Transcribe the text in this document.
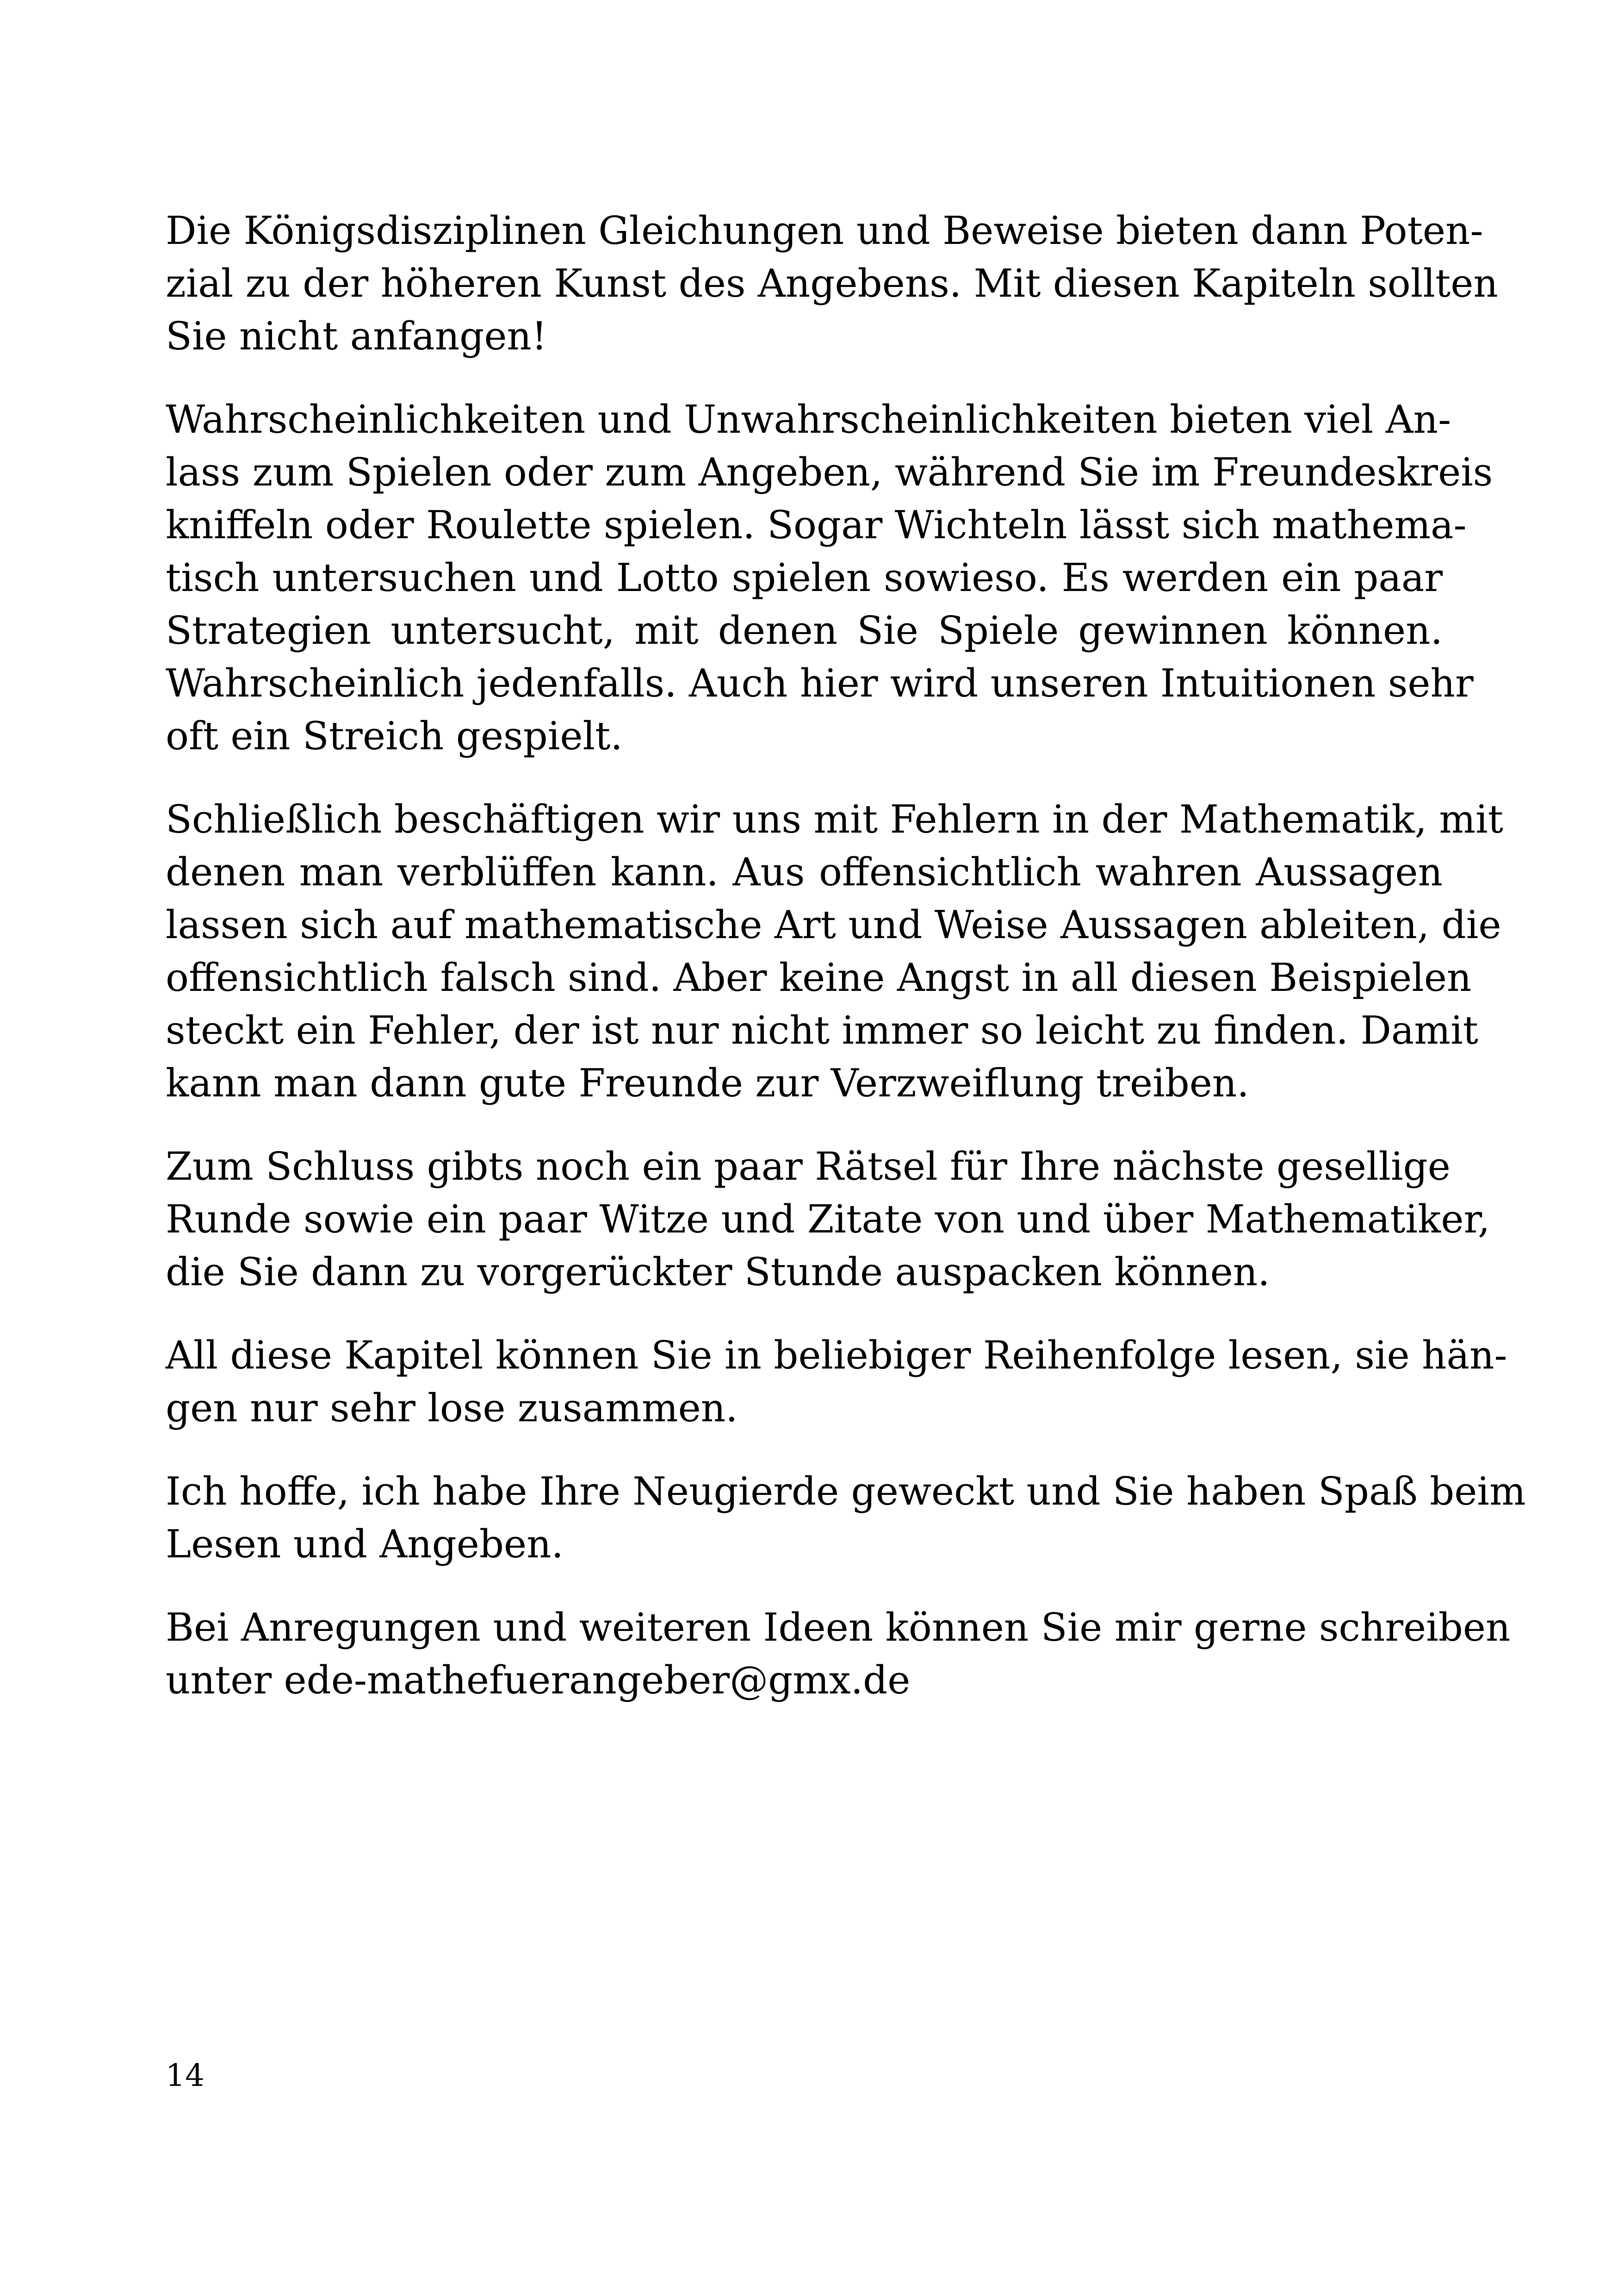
Die Königsdisziplinen Gleichungen und Beweise bieten dann Poten-
zial zu der höheren Kunst des Angebens. Mit diesen Kapiteln sollten
Sie nicht anfangen!

Wahrscheinlichkeiten und Unwahrscheinlichkeiten bieten viel An-
lass zum Spielen oder zum Angeben, während Sie im Freundeskreis
kniffeln oder Roulette spielen. Sogar Wichteln lässt sich mathema-
tisch untersuchen und Lotto spielen sowieso. Es werden ein paar
Strategien untersucht, mit denen Sie Spiele gewinnen können.
Wahrscheinlich jedenfalls. Auch hier wird unseren Intuitionen sehr
oft ein Streich gespielt.

Schließlich beschäftigen wir uns mit Fehlern in der Mathematik, mit
denen man verblüffen kann. Aus offensichtlich wahren Aussagen
lassen sich auf mathematische Art und Weise Aussagen ableiten, die
offensichtlich falsch sind. Aber keine Angst in all diesen Beispielen
steckt ein Fehler, der ist nur nicht immer so leicht zu finden. Damit
kann man dann gute Freunde zur Verzweiflung treiben.

Zum Schluss gibts noch ein paar Rätsel für Ihre nächste gesellige
Runde sowie ein paar Witze und Zitate von und über Mathematiker,
die Sie dann zu vorgerückter Stunde auspacken können.

All diese Kapitel können Sie in beliebiger Reihenfolge lesen, sie hän-
gen nur sehr lose zusammen.

Ich hoffe, ich habe Ihre Neugierde geweckt und Sie haben Spaß beim
Lesen und Angeben.

Bei Anregungen und weiteren Ideen können Sie mir gerne schreiben
unter ede-mathefuerangeber@gmx.de

14
